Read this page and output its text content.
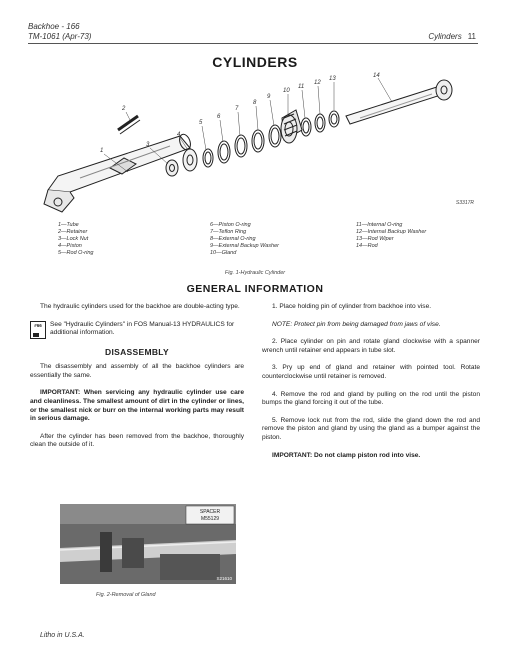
Backhoe - 166
TM-1061 (Apr-73)	Cylinders 11
CYLINDERS
1
2
3
4
5
6
7
8
9
10
11
12
13	14
S3317R
1—Tube
2—Retainer
3—Lock Nut
4—Piston
5—Rod O-ring
6—Piston O-ring
7—Teflon Ring
8—External O-ring
9—External Backup Washer
10—Gland
11—Internal O-ring
12—Internal Backup Washer
13—Rod Wiper
14—Rod
Fig. 1-Hydraulic Cylinder
GENERAL INFORMATION

The hydraulic cylinders used for the backhoe are double-acting type.

#66	See "Hydraulic Cylinders" in FOS Manual-13 HYDRAULICS for additional information.
DISASSEMBLY

The disassembly and assembly of all the backhoe cylinders are essentially the same.

IMPORTANT: When servicing any hydraulic cylinder use care and cleanliness. The smallest amount of dirt in the cylinder or lines, or the smallest nick or burr on the internal working parts may result in serious damage.

After the cylinder has been removed from the backhoe, thoroughly clean the outside of it.

1. Place holding pin of cylinder from backhoe into vise.

NOTE: Protect pin from being damaged from jaws of vise.

2. Place cylinder on pin and rotate gland clockwise with a spanner wrench until retainer end appears in tube slot.

3. Pry up end of gland and retainer with pointed tool. Rotate counterclockwise until retainer is removed.

4. Remove the rod and gland by pulling on the rod until the piston bumps the gland forcing it out of the tube.

5. Remove lock nut from the rod, slide the gland down the rod and remove the piston and gland by using the gland as a bumper against the piston.

IMPORTANT: Do not clamp piston rod into vise.

SPACER
M55129
S21610
Fig. 2-Removal of Gland
Litho in U.S.A.
